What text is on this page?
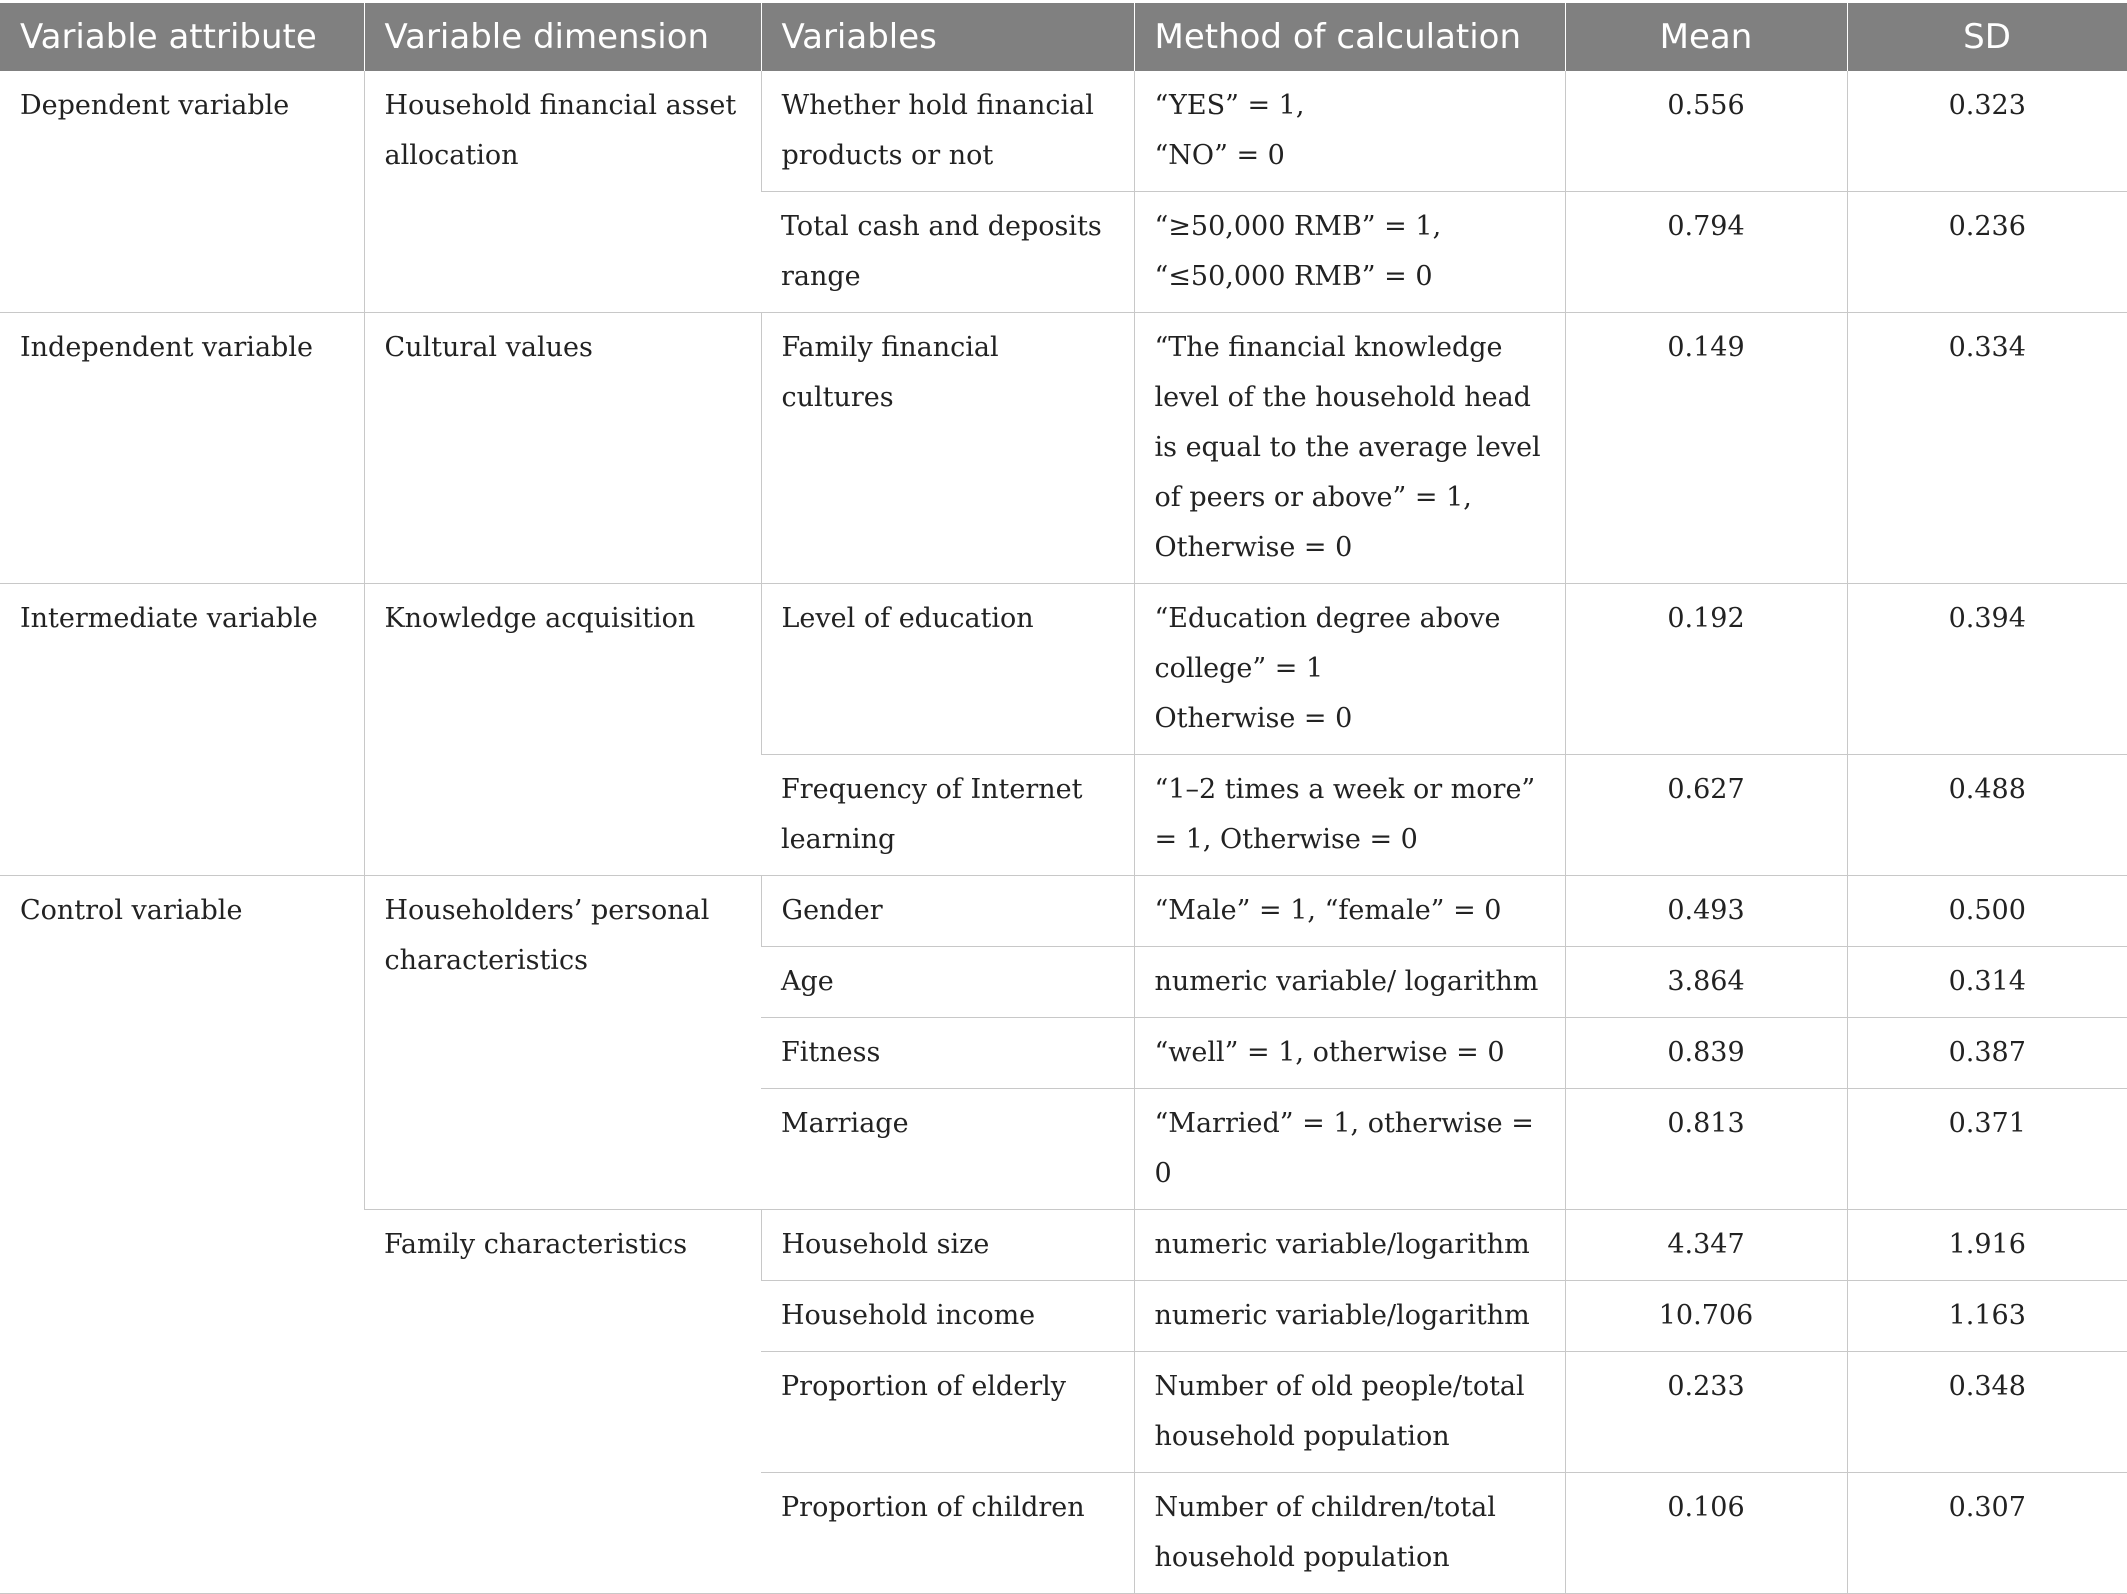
Variable attribute	Variable dimension	Variables	Method of calculation	Mean	SD
Dependent variable	Household financial asset allocation	Whether hold financial products or not	“YES” = 1,
“NO” = 0	0.556	0.323
		Total cash and deposits range	“≥50,000 RMB” = 1,
“≤50,000 RMB” = 0	0.794	0.236
Independent variable	Cultural values	Family financial cultures	“The financial knowledge level of the household head is equal to the average level of peers or above” = 1, Otherwise = 0	0.149	0.334
Intermediate variable	Knowledge acquisition	Level of education	“Education degree above college” = 1
Otherwise = 0	0.192	0.394
		Frequency of Internet learning	“1–2 times a week or more” = 1, Otherwise = 0	0.627	0.488
Control variable	Householders’ personal characteristics	Gender	“Male” = 1, “female” = 0	0.493	0.500
		Age	numeric variable/ logarithm	3.864	0.314
		Fitness	“well” = 1, otherwise = 0	0.839	0.387
		Marriage	“Married” = 1, otherwise = 0	0.813	0.371
	Family characteristics	Household size	numeric variable/logarithm	4.347	1.916
		Household income	numeric variable/logarithm	10.706	1.163
		Proportion of elderly	Number of old people/total household population	0.233	0.348
		Proportion of children	Number of children/total household population	0.106	0.307
